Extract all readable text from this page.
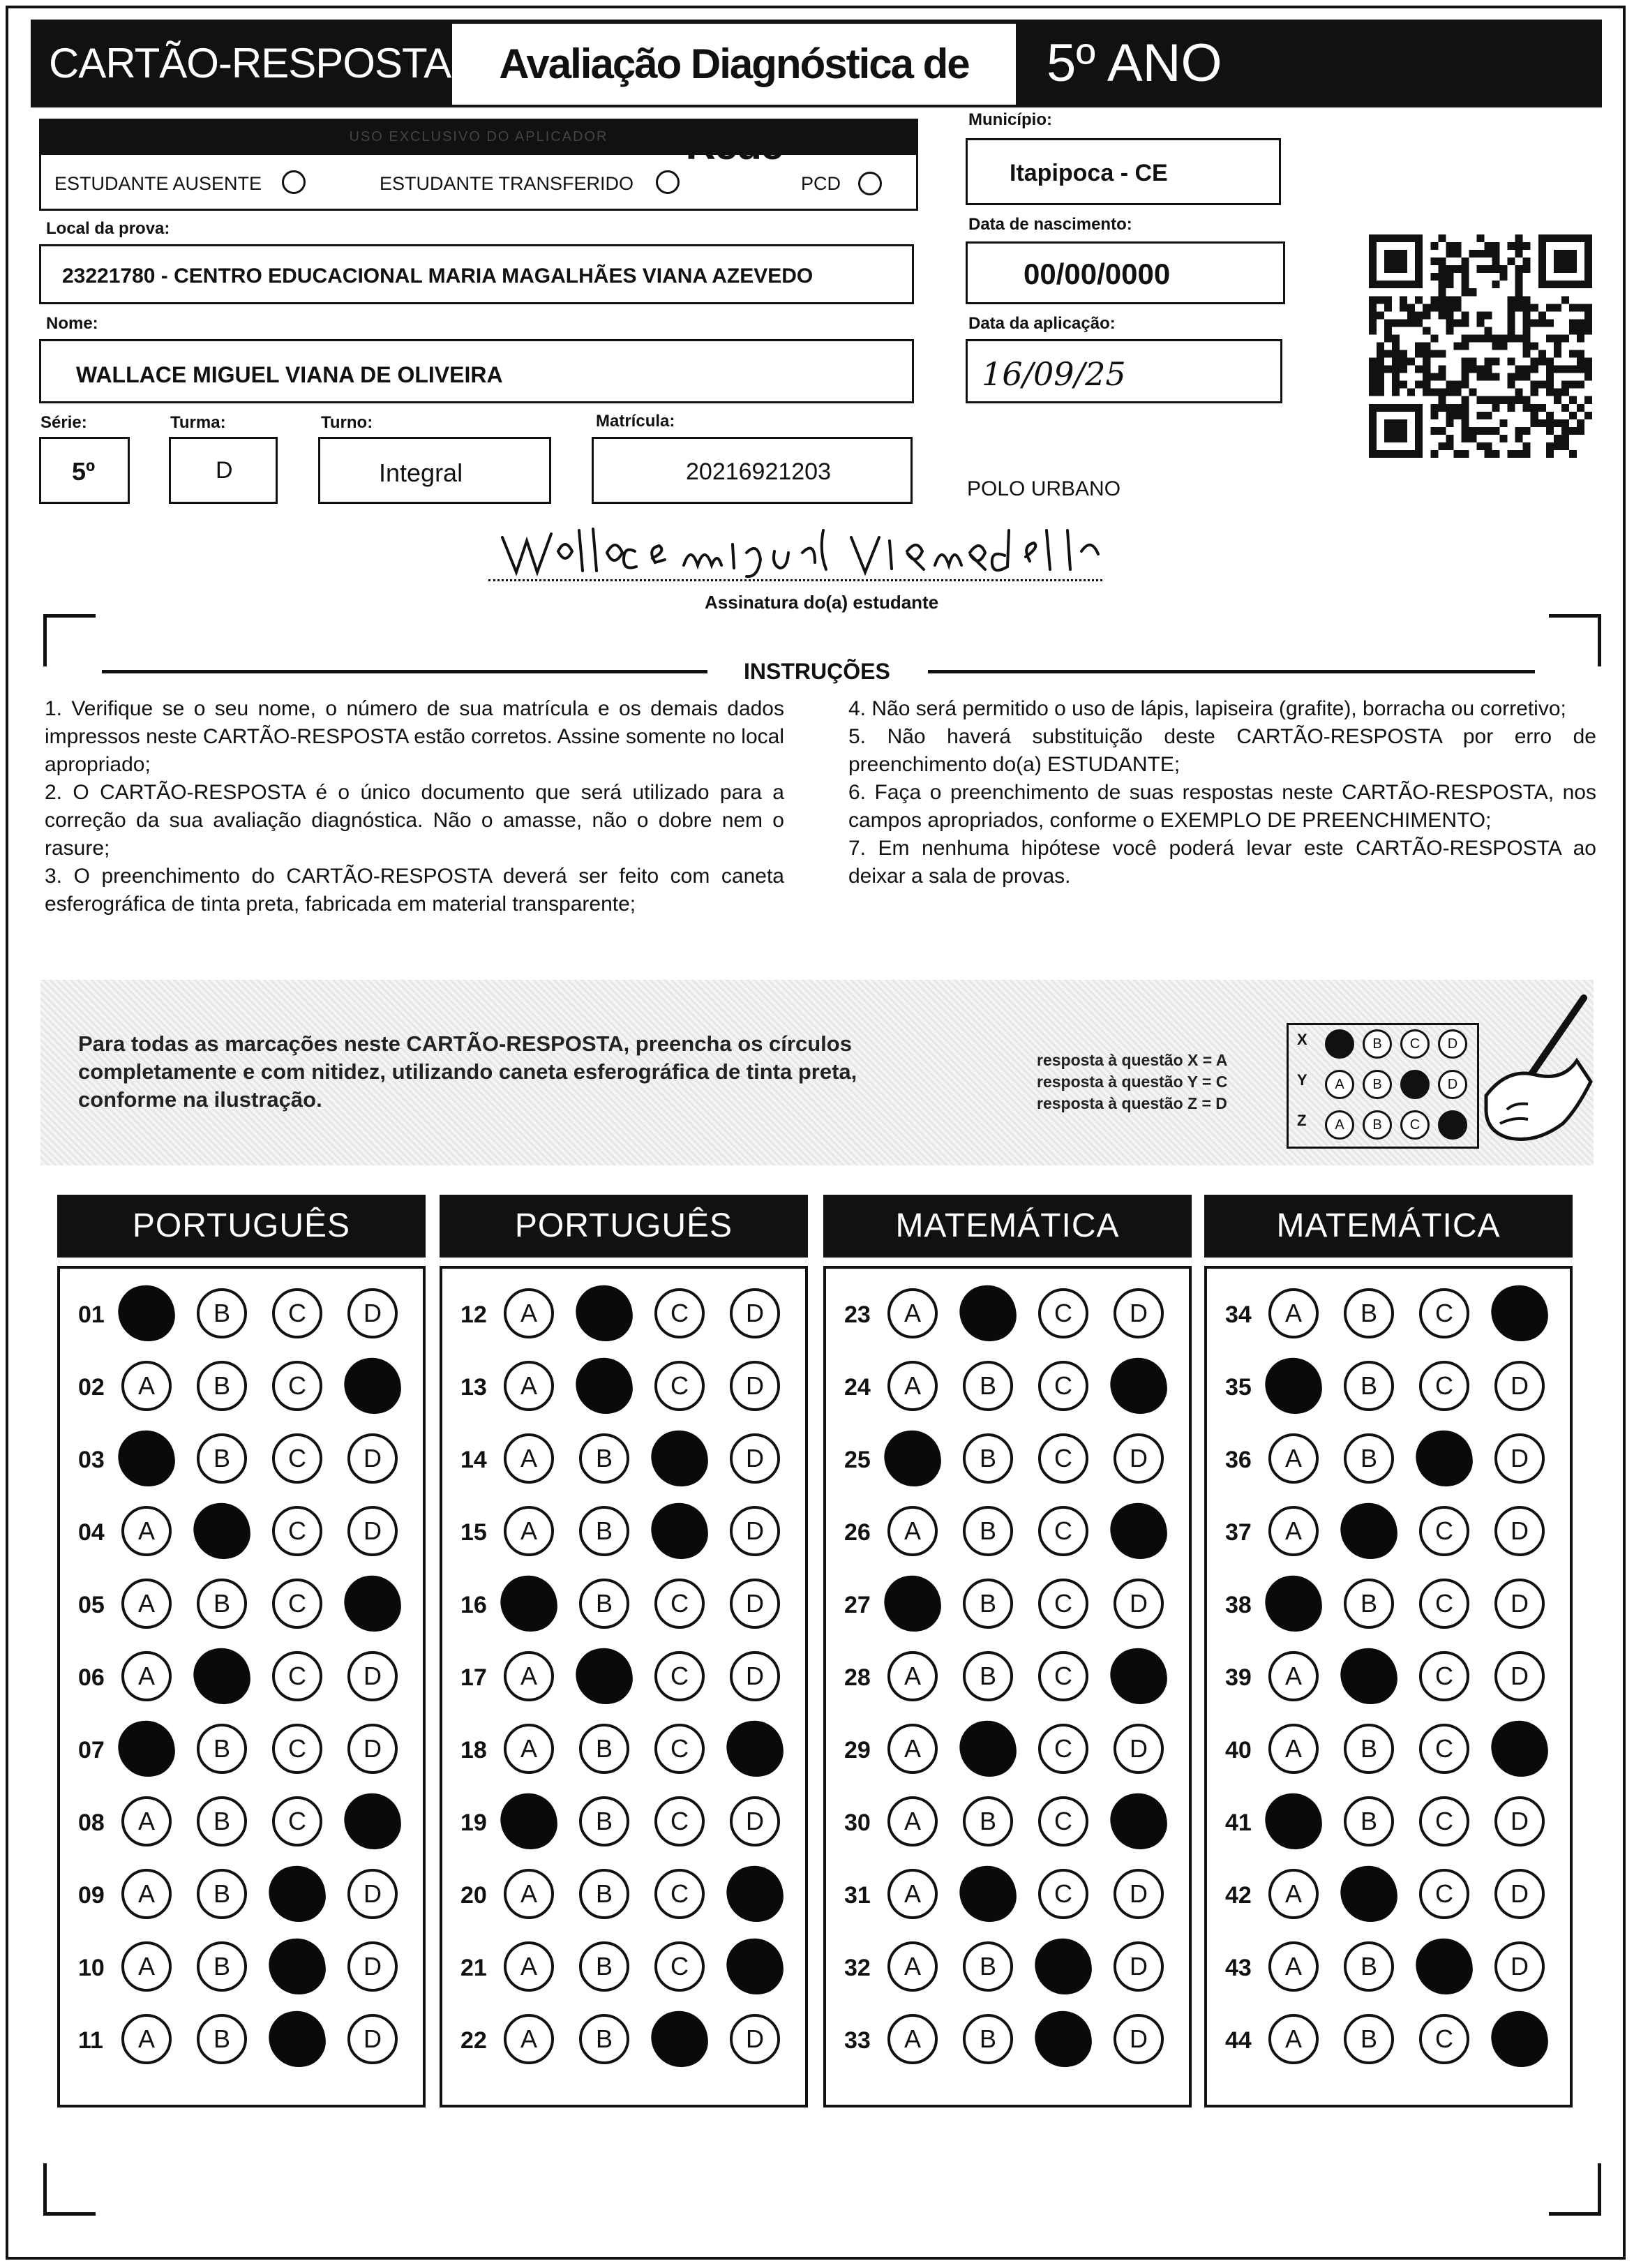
CARTÃO-RESPOSTA	Avaliação Diagnóstica de	5º ANO
USO EXCLUSIVO DO APLICADOR
ESTUDANTE AUSENTE	ESTUDANTE TRANSFERIDO	PCD
Município:
Itapipoca - CE
Local da prova:
23221780 - CENTRO EDUCACIONAL MARIA MAGALHÃES VIANA AZEVEDO
Data de nascimento:
00/00/0000
Nome:
WALLACE MIGUEL VIANA DE OLIVEIRA
Data da aplicação:
16/09/25
Série:
5º
Turma:
D
Turno:
Integral
Matrícula:
20216921203
POLO URBANO
Assinatura do(a) estudante
INSTRUÇÕES

1. Verifique se o seu nome, o número de sua matrícula e os demais dados impressos neste CARTÃO-RESPOSTA estão corretos. Assine somente no local apropriado;

2. O CARTÃO-RESPOSTA é o único documento que será utilizado para a correção da sua avaliação diagnóstica. Não o amasse, não o dobre nem o rasure;

3. O preenchimento do CARTÃO-RESPOSTA deverá ser feito com caneta esferográfica de tinta preta, fabricada em material transparente;

4. Não será permitido o uso de lápis, lapiseira (grafite), borracha ou corretivo;

5. Não haverá substituição deste CARTÃO-RESPOSTA por erro de preenchimento do(a) ESTUDANTE;

6. Faça o preenchimento de suas respostas neste CARTÃO-RESPOSTA, nos campos apropriados, conforme o EXEMPLO DE PREENCHIMENTO;

7. Em nenhuma hipótese você poderá levar este CARTÃO-RESPOSTA ao deixar a sala de provas.

Para todas as marcações neste CARTÃO-RESPOSTA, preencha os círculos completamente e com nitidez, utilizando caneta esferográfica de tinta preta, conforme na ilustração.
resposta à questão X = A
resposta à questão Y = C
resposta à questão Z = D
X	A	B	C	D
Y	A	B	C	D
Z	A	B	C	D
PORTUGUÊS	PORTUGUÊS	MATEMÁTICA	MATEMÁTICA
01	A	B	C	D
02	A	B	C	D
03	A	B	C	D
04	A	B	C	D
05	A	B	C	D
06	A	B	C	D
07	A	B	C	D
08	A	B	C	D
09	A	B	C	D
10	A	B	C	D
11	A	B	C	D
12	A	B	C	D
13	A	B	C	D
14	A	B	C	D
15	A	B	C	D
16	A	B	C	D
17	A	B	C	D
18	A	B	C	D
19	A	B	C	D
20	A	B	C	D
21	A	B	C	D
22	A	B	C	D
23	A	B	C	D
24	A	B	C	D
25	A	B	C	D
26	A	B	C	D
27	A	B	C	D
28	A	B	C	D
29	A	B	C	D
30	A	B	C	D
31	A	B	C	D
32	A	B	C	D
33	A	B	C	D
34	A	B	C	D
35	A	B	C	D
36	A	B	C	D
37	A	B	C	D
38	A	B	C	D
39	A	B	C	D
40	A	B	C	D
41	A	B	C	D
42	A	B	C	D
43	A	B	C	D
44	A	B	C	D
